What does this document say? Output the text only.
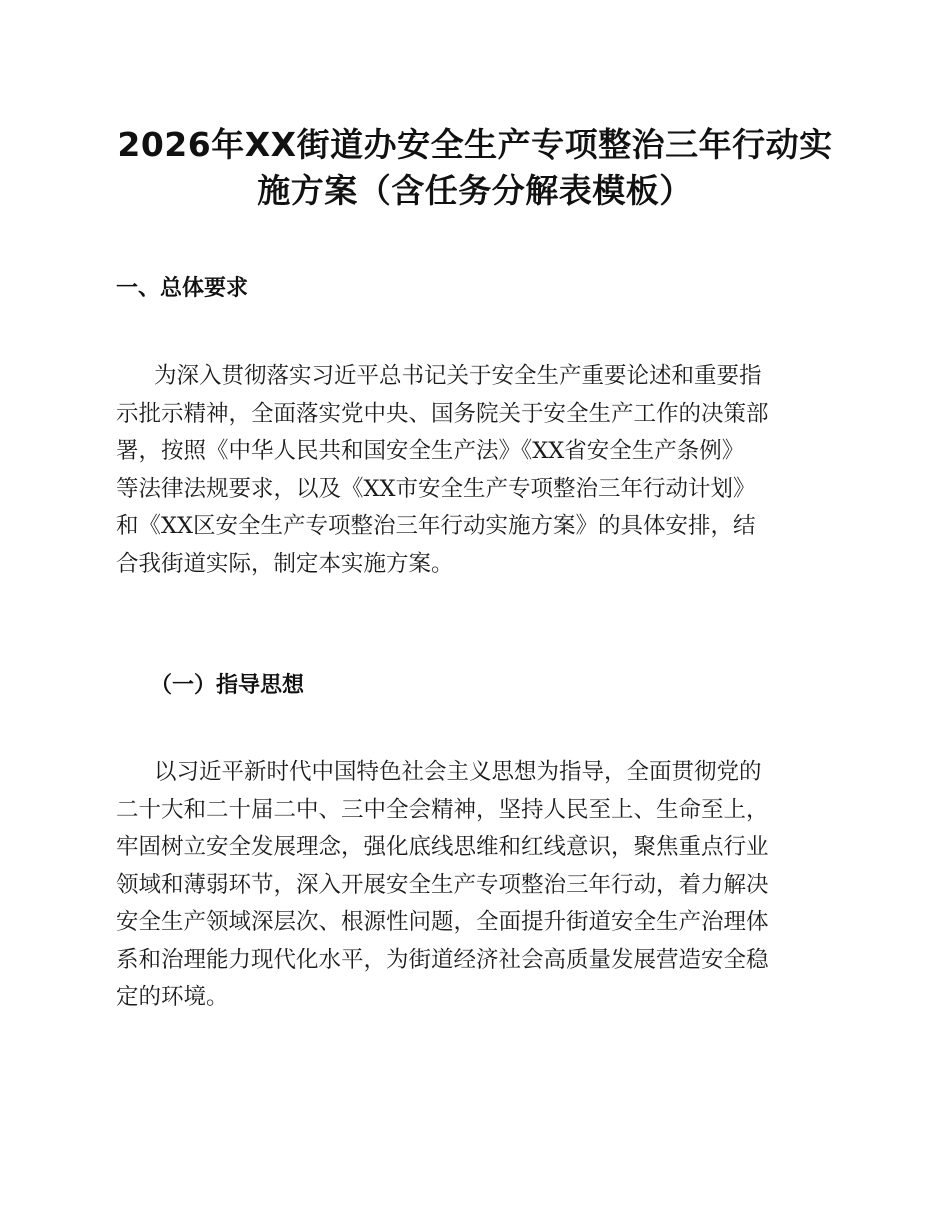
2026年XX街道办安全生产专项整治三年行动实
施方案（含任务分解表模板）
一、总体要求
为深入贯彻落实习近平总书记关于安全生产重要论述和重要指
示批示精神，全面落实党中央、国务院关于安全生产工作的决策部
署，按照《中华人民共和国安全生产法》《XX省安全生产条例》
等法律法规要求，以及《XX市安全生产专项整治三年行动计划》
和《XX区安全生产专项整治三年行动实施方案》的具体安排，结
合我街道实际，制定本实施方案。
（一）指导思想
以习近平新时代中国特色社会主义思想为指导，全面贯彻党的
二十大和二十届二中、三中全会精神，坚持人民至上、生命至上，
牢固树立安全发展理念，强化底线思维和红线意识，聚焦重点行业
领域和薄弱环节，深入开展安全生产专项整治三年行动，着力解决
安全生产领域深层次、根源性问题，全面提升街道安全生产治理体
系和治理能力现代化水平，为街道经济社会高质量发展营造安全稳
定的环境。
